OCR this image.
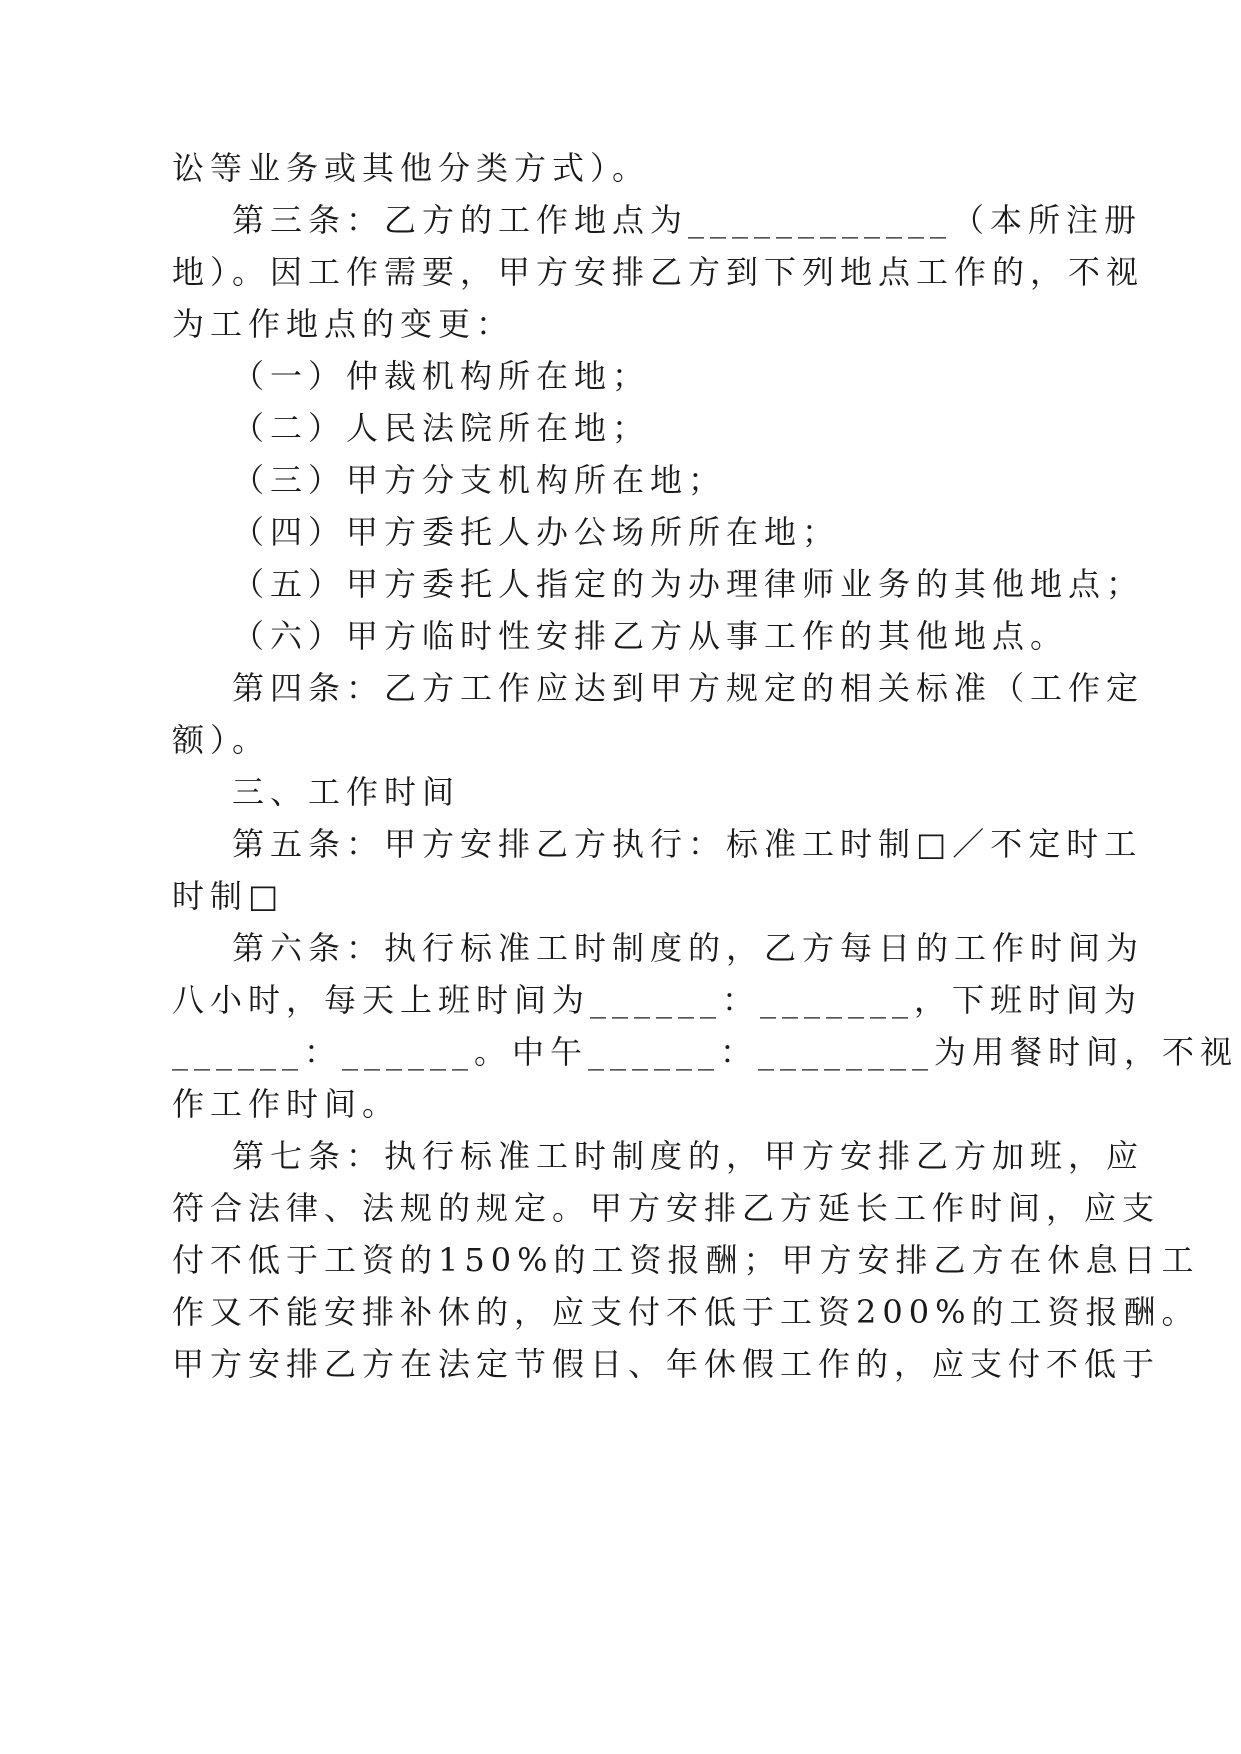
讼等业务或其他分类方式）。
第三条：乙方的工作地点为____________（本所注册
地）。因工作需要，甲方安排乙方到下列地点工作的，不视
为工作地点的变更：
（一）仲裁机构所在地；
（二）人民法院所在地；
（三）甲方分支机构所在地；
（四）甲方委托人办公场所所在地；
（五）甲方委托人指定的为办理律师业务的其他地点；
（六）甲方临时性安排乙方从事工作的其他地点。
第四条：乙方工作应达到甲方规定的相关标准（工作定
额）。
三、工作时间
第五条：甲方安排乙方执行：标准工时制□／不定时工
时制□
第六条：执行标准工时制度的，乙方每日的工作时间为
八小时，每天上班时间为______：_______，下班时间为
______：______。中午______：________为用餐时间，不视
作工作时间。
第七条：执行标准工时制度的，甲方安排乙方加班，应
符合法律、法规的规定。甲方安排乙方延长工作时间，应支
付不低于工资的150%的工资报酬；甲方安排乙方在休息日工
作又不能安排补休的，应支付不低于工资200%的工资报酬。
甲方安排乙方在法定节假日、年休假工作的，应支付不低于
